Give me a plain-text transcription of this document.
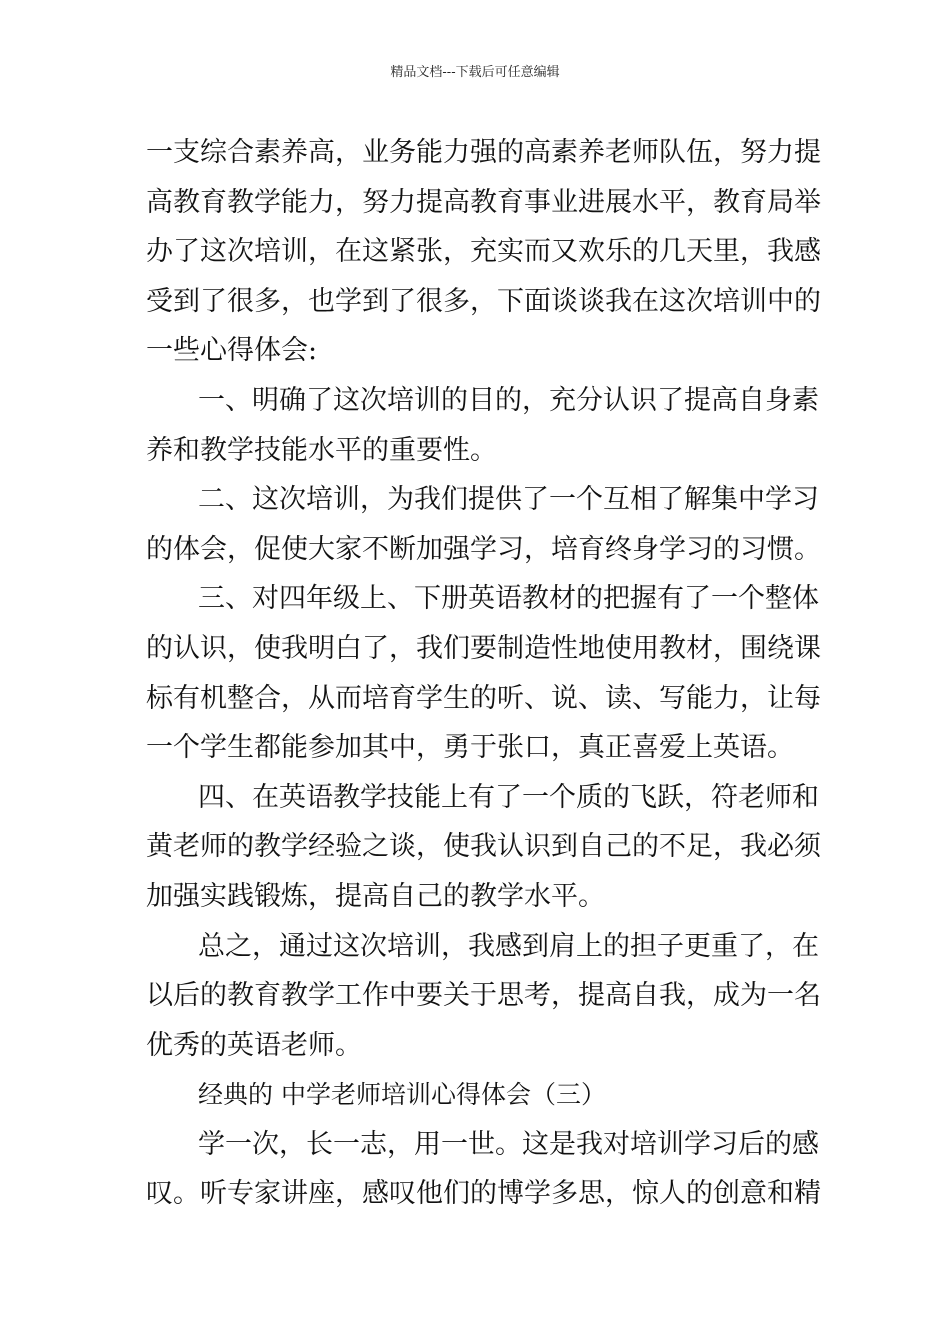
精品文档---下载后可任意编辑
一支综合素养高，业务能力强的高素养老师队伍，努力提
高教育教学能力，努力提高教育事业进展水平，教育局举
办了这次培训，在这紧张，充实而又欢乐的几天里，我感
受到了很多，也学到了很多，下面谈谈我在这次培训中的
一些心得体会:
一、明确了这次培训的目的，充分认识了提高自身素
养和教学技能水平的重要性。
二、这次培训，为我们提供了一个互相了解集中学习
的体会，促使大家不断加强学习，培育终身学习的习惯。
三、对四年级上、下册英语教材的把握有了一个整体
的认识，使我明白了，我们要制造性地使用教材，围绕课
标有机整合，从而培育学生的听、说、读、写能力，让每
一个学生都能参加其中，勇于张口，真正喜爱上英语。
四、在英语教学技能上有了一个质的飞跃，符老师和
黄老师的教学经验之谈，使我认识到自己的不足，我必须
加强实践锻炼，提高自己的教学水平。
总之，通过这次培训，我感到肩上的担子更重了，在
以后的教育教学工作中要关于思考，提高自我，成为一名
优秀的英语老师。
经典的 中学老师培训心得体会（三）
学一次，长一志，用一世。这是我对培训学习后的感
叹。听专家讲座，感叹他们的博学多思，惊人的创意和精
